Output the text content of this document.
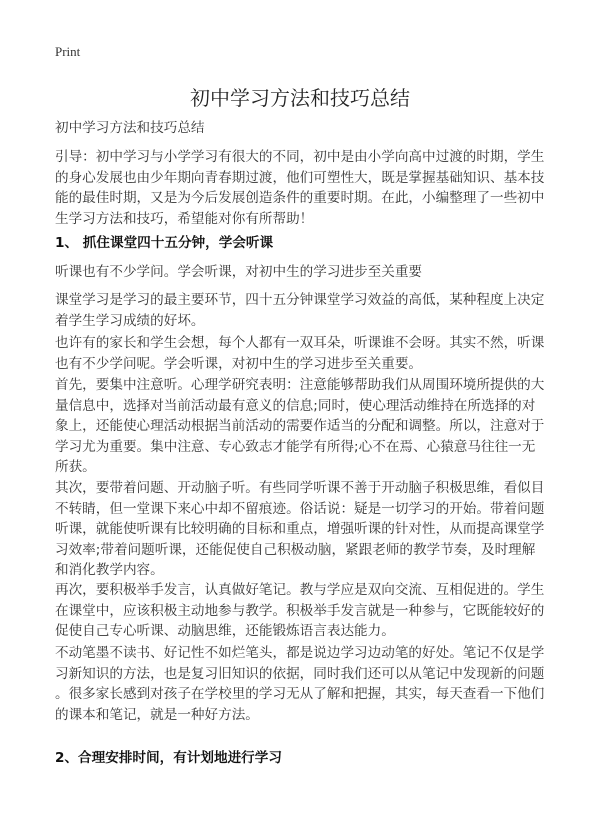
Print
初中学习方法和技巧总结
初中学习方法和技巧总结
引导：初中学习与小学学习有很大的不同，初中是由小学向高中过渡的时期，学生
的身心发展也由少年期向青春期过渡，他们可塑性大，既是掌握基础知识、基本技
能的最佳时期，又是为今后发展创造条件的重要时期。在此，小编整理了一些初中
生学习方法和技巧，希望能对你有所帮助！
1、 抓住课堂四十五分钟，学会听课
听课也有不少学问。学会听课，对初中生的学习进步至关重要
课堂学习是学习的最主要环节，四十五分钟课堂学习效益的高低，某种程度上决定
着学生学习成绩的好坏。
也许有的家长和学生会想，每个人都有一双耳朵，听课谁不会呀。其实不然，听课
也有不少学问呢。学会听课，对初中生的学习进步至关重要。
首先，要集中注意听。心理学研究表明：注意能够帮助我们从周围环境所提供的大
量信息中，选择对当前活动最有意义的信息;同时，使心理活动维持在所选择的对
象上，还能使心理活动根据当前活动的需要作适当的分配和调整。所以，注意对于
学习尤为重要。集中注意、专心致志才能学有所得;心不在焉、心猿意马往往一无
所获。
其次，要带着问题、开动脑子听。有些同学听课不善于开动脑子积极思维，看似目
不转睛，但一堂课下来心中却不留痕迹。俗话说：疑是一切学习的开始。带着问题
听课，就能使听课有比较明确的目标和重点，增强听课的针对性，从而提高课堂学
习效率;带着问题听课，还能促使自己积极动脑，紧跟老师的教学节奏，及时理解
和消化教学内容。
再次，要积极举手发言，认真做好笔记。教与学应是双向交流、互相促进的。学生
在课堂中，应该积极主动地参与教学。积极举手发言就是一种参与，它既能较好的
促使自己专心听课、动脑思维，还能锻炼语言表达能力。
不动笔墨不读书、好记性不如烂笔头，都是说边学习边动笔的好处。笔记不仅是学
习新知识的方法，也是复习旧知识的依据，同时我们还可以从笔记中发现新的问题
。很多家长感到对孩子在学校里的学习无从了解和把握，其实，每天查看一下他们
的课本和笔记，就是一种好方法。
2、合理安排时间，有计划地进行学习
